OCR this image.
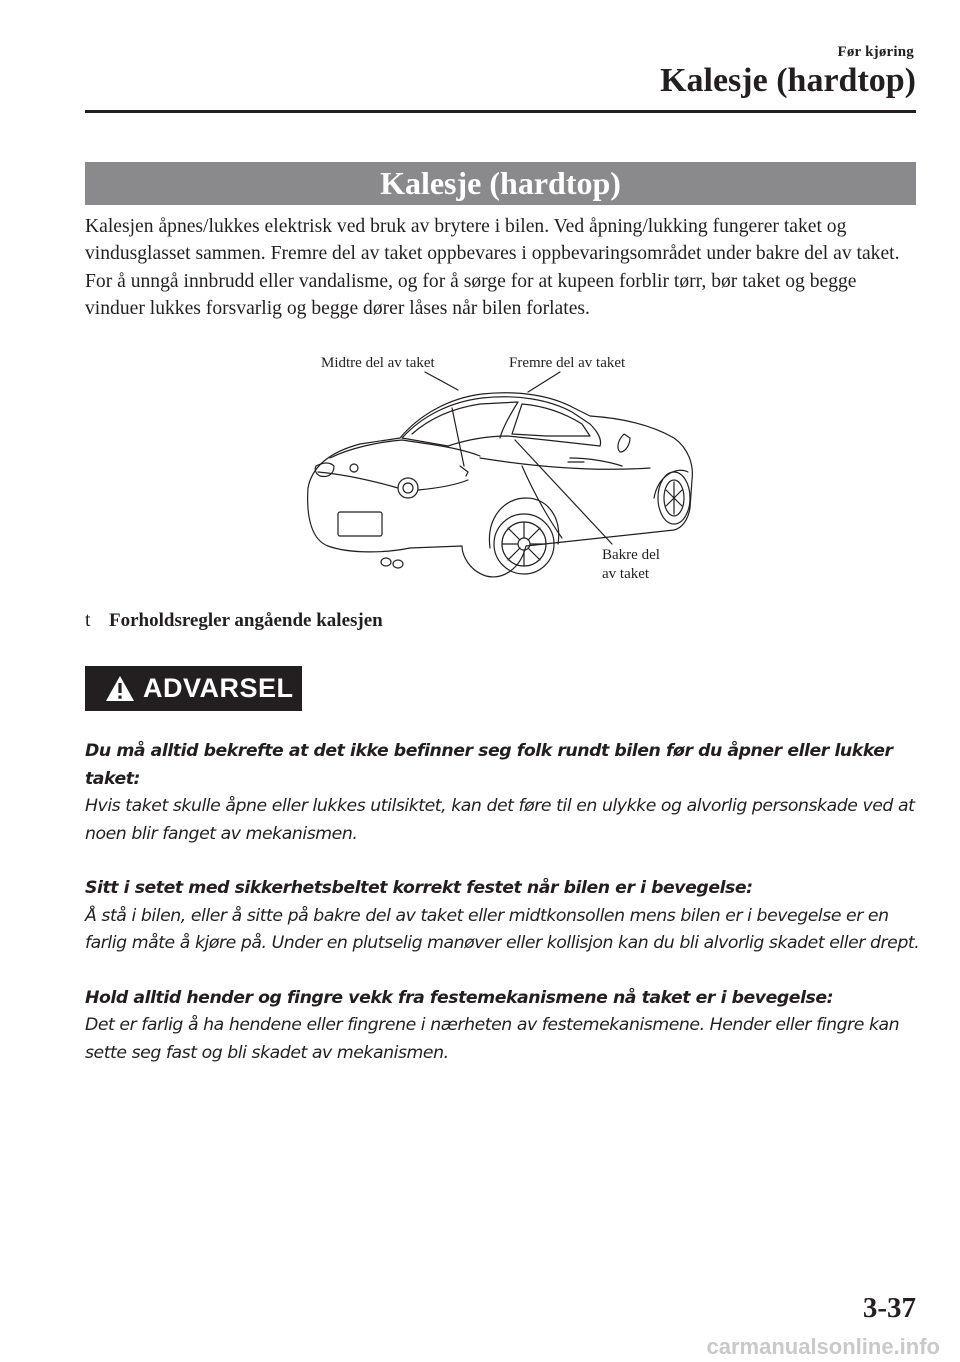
Før kjøring
Kalesje (hardtop)
Kalesje (hardtop)

Kalesjen åpnes/lukkes elektrisk ved bruk av brytere i bilen. Ved åpning/lukking fungerer taket og vindusglasset sammen. Fremre del av taket oppbevares i oppbevaringsområdet under bakre del av taket.

For å unngå innbrudd eller vandalisme, og for å sørge for at kupeen forblir tørr, bør taket og begge vinduer lukkes forsvarlig og begge dører låses når bilen forlates.

Midtre del av taket	Fremre del av taket
Bakre del
av taket
t Forholdsregler angående kalesjen
ADVARSEL
Du må alltid bekrefte at det ikke befinner seg folk rundt bilen før du åpner eller lukker taket:
Hvis taket skulle åpne eller lukkes utilsiktet, kan det føre til en ulykke og alvorlig personskade ved at noen blir fanget av mekanismen.
Sitt i setet med sikkerhetsbeltet korrekt festet når bilen er i bevegelse:
Å stå i bilen, eller å sitte på bakre del av taket eller midtkonsollen mens bilen er i bevegelse er en farlig måte å kjøre på. Under en plutselig manøver eller kollisjon kan du bli alvorlig skadet eller drept.
Hold alltid hender og fingre vekk fra festemekanismene nå taket er i bevegelse:
Det er farlig å ha hendene eller fingrene i nærheten av festemekanismene. Hender eller fingre kan sette seg fast og bli skadet av mekanismen.
3-37
carmanualsonline.info
